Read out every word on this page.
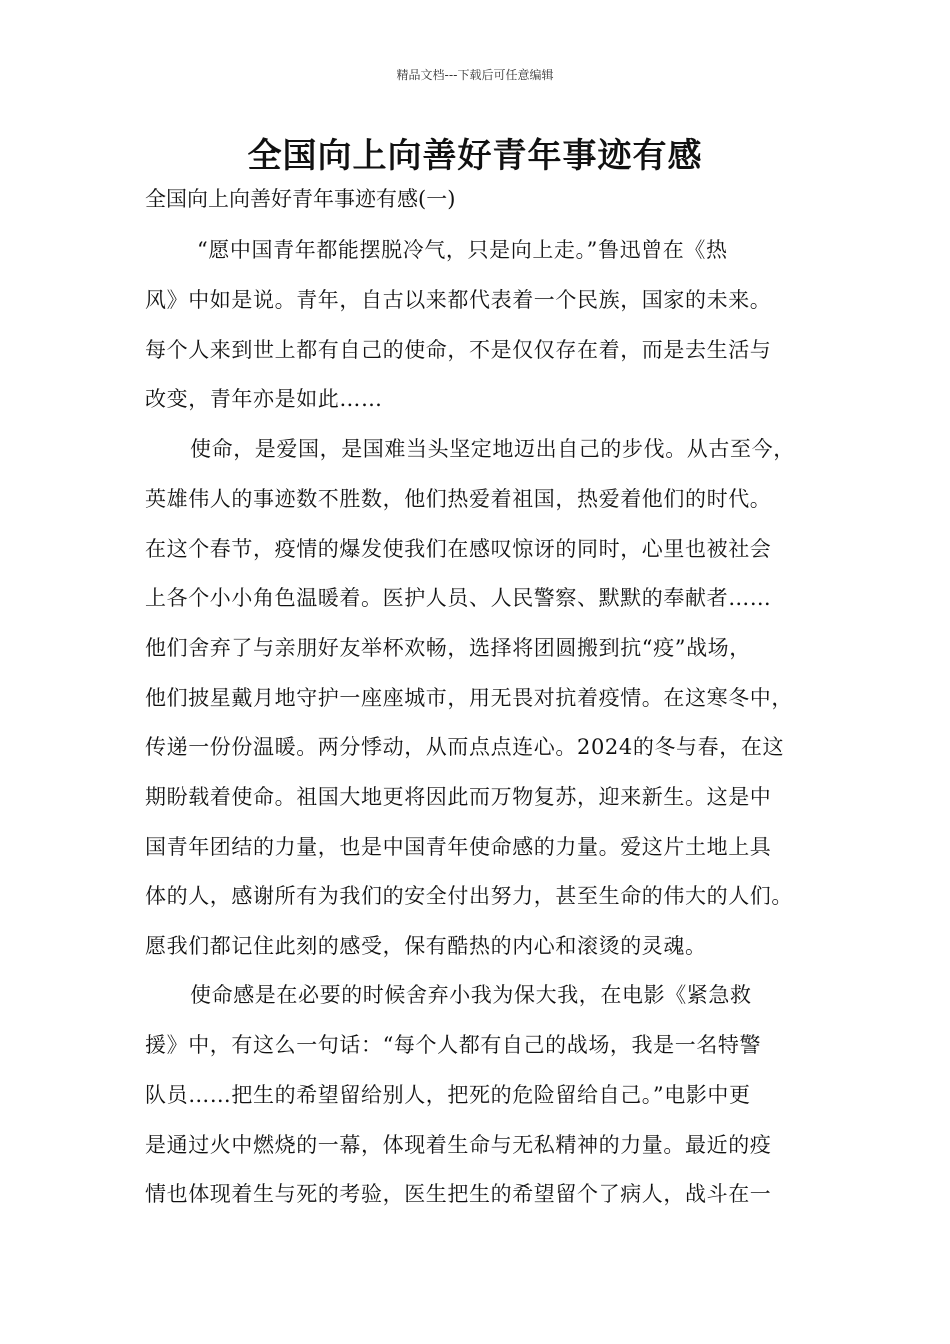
精品文档---下载后可任意编辑
全国向上向善好青年事迹有感
全国向上向善好青年事迹有感(一)
“愿中国青年都能摆脱冷气，只是向上走。”鲁迅曾在《热
风》中如是说。青年，自古以来都代表着一个民族，国家的未来。
每个人来到世上都有自己的使命，不是仅仅存在着，而是去生活与
改变，青年亦是如此……
使命，是爱国，是国难当头坚定地迈出自己的步伐。从古至今，
英雄伟人的事迹数不胜数，他们热爱着祖国，热爱着他们的时代。
在这个春节，疫情的爆发使我们在感叹惊讶的同时，心里也被社会
上各个小小角色温暖着。医护人员、人民警察、默默的奉献者……
他们舍弃了与亲朋好友举杯欢畅，选择将团圆搬到抗“疫”战场，
他们披星戴月地守护一座座城市，用无畏对抗着疫情。在这寒冬中，
传递一份份温暖。两分悸动，从而点点连心。2024的冬与春，在这
期盼载着使命。祖国大地更将因此而万物复苏，迎来新生。这是中
国青年团结的力量，也是中国青年使命感的力量。爱这片土地上具
体的人，感谢所有为我们的安全付出努力，甚至生命的伟大的人们。
愿我们都记住此刻的感受，保有酷热的内心和滚烫的灵魂。
使命感是在必要的时候舍弃小我为保大我，在电影《紧急救
援》中，有这么一句话：“每个人都有自己的战场，我是一名特警
队员……把生的希望留给别人，把死的危险留给自己。”电影中更
是通过火中燃烧的一幕，体现着生命与无私精神的力量。最近的疫
情也体现着生与死的考验，医生把生的希望留个了病人，战斗在一
